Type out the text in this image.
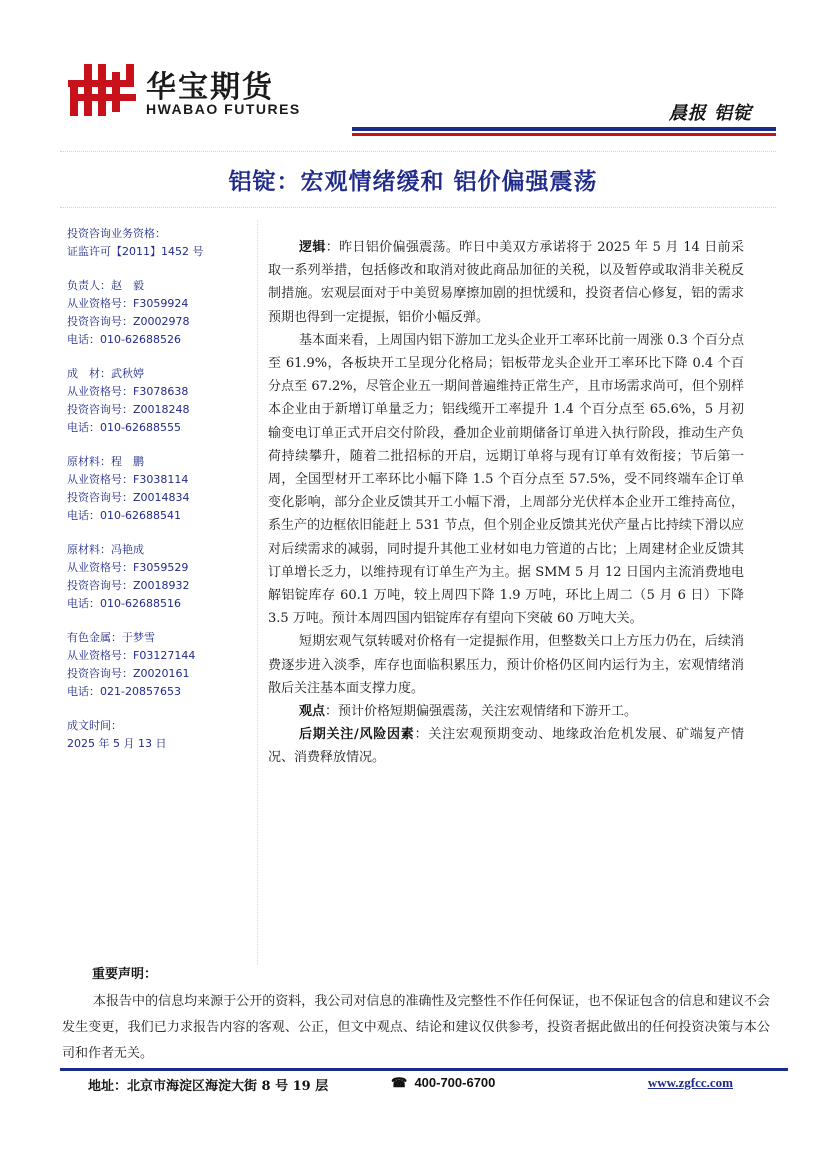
华宝期货
HWABAO FUTURES	晨报 铝锭
铝锭：宏观情绪缓和 铝价偏强震荡
投资咨询业务资格：
证监许可【2011】1452 号
负责人：赵　毅
从业资格号：F3059924
投资咨询号：Z0002978
电话：010-62688526
成　材：武秋婷
从业资格号：F3078638
投资咨询号：Z0018248
电话：010-62688555
原材料：程　鹏
从业资格号：F3038114
投资咨询号：Z0014834
电话：010-62688541
原材料：冯艳成
从业资格号：F3059529
投资咨询号：Z0018932
电话：010-62688516
有色金属：于梦雪
从业资格号：F03127144
投资咨询号：Z0020161
电话：021-20857653
成文时间：
2025 年 5 月 13 日

逻辑：昨日铝价偏强震荡。昨日中美双方承诺将于 2025 年 5 月 14 日前采取一系列举措，包括修改和取消对彼此商品加征的关税，以及暂停或取消非关税反制措施。宏观层面对于中美贸易摩擦加剧的担忧缓和，投资者信心修复，铝的需求预期也得到一定提振，铝价小幅反弹。

基本面来看，上周国内铝下游加工龙头企业开工率环比前一周涨 0.3 个百分点至 61.9%，各板块开工呈现分化格局；铝板带龙头企业开工率环比下降 0.4 个百分点至 67.2%，尽管企业五一期间普遍维持正常生产，且市场需求尚可，但个别样本企业由于新增订单量乏力；铝线缆开工率提升 1.4 个百分点至 65.6%，5 月初输变电订单正式开启交付阶段，叠加企业前期储备订单进入执行阶段，推动生产负荷持续攀升，随着二批招标的开启，远期订单将与现有订单有效衔接；节后第一周，全国型材开工率环比小幅下降 1.5 个百分点至 57.5%，受不同终端车企订单变化影响，部分企业反馈其开工小幅下滑，上周部分光伏样本企业开工维持高位，系生产的边框依旧能赶上 531 节点，但个别企业反馈其光伏产量占比持续下滑以应对后续需求的减弱，同时提升其他工业材如电力管道的占比；上周建材企业反馈其订单增长乏力，以维持现有订单生产为主。据 SMM 5 月 12 日国内主流消费地电解铝锭库存 60.1 万吨，较上周四下降 1.9 万吨，环比上周二（5 月 6 日）下降 3.5 万吨。预计本周四国内铝锭库存有望向下突破 60 万吨大关。

短期宏观气氛转暖对价格有一定提振作用，但整数关口上方压力仍在，后续消费逐步进入淡季，库存也面临积累压力，预计价格仍区间内运行为主，宏观情绪消散后关注基本面支撑力度。

观点：预计价格短期偏强震荡，关注宏观情绪和下游开工。

后期关注/风险因素：关注宏观预期变动、地缘政治危机发展、矿端复产情况、消费释放情况。

重要声明：

本报告中的信息均来源于公开的资料，我公司对信息的准确性及完整性不作任何保证，也不保证包含的信息和建议不会发生变更，我们已力求报告内容的客观、公正，但文中观点、结论和建议仅供参考，投资者据此做出的任何投资决策与本公司和作者无关。

地址：北京市海淀区海淀大街 8 号 19 层	☎ 400-700-6700	www.zgfcc.com
